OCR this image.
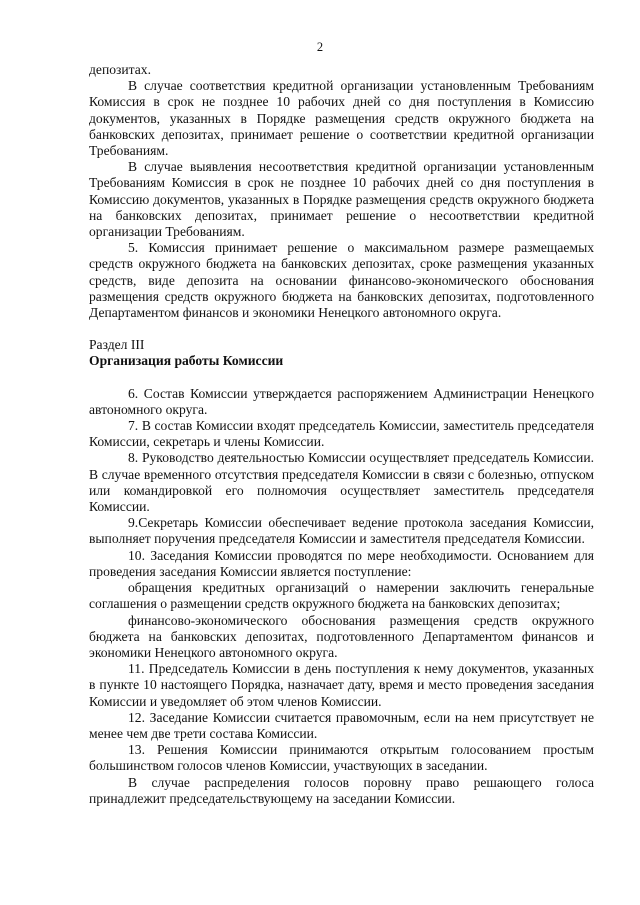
2

депозитах.

В случае соответствия кредитной организации установленным Требованиям Комиссия в срок не позднее 10 рабочих дней со дня поступления в Комиссию документов, указанных в Порядке размещения средств окружного бюджета на банковских депозитах, принимает решение о соответствии кредитной организации Требованиям.

В случае выявления несоответствия кредитной организации установленным Требованиям Комиссия в срок не позднее 10 рабочих дней со дня поступления в Комиссию документов, указанных в Порядке размещения средств окружного бюджета на банковских депозитах, принимает решение о несоответствии кредитной организации Требованиям.

5. Комиссия принимает решение о максимальном размере размещаемых средств окружного бюджета на банковских депозитах, сроке размещения указанных средств, виде депозита на основании финансово-экономического обоснования размещения средств окружного бюджета на банковских депозитах, подготовленного Департаментом финансов и экономики Ненецкого автономного округа.

Раздел III

Организация работы Комиссии

6. Состав Комиссии утверждается распоряжением Администрации Ненецкого автономного округа.

7. В состав Комиссии входят председатель Комиссии, заместитель председателя Комиссии, секретарь и члены Комиссии.

8. Руководство деятельностью Комиссии осуществляет председатель Комиссии. В случае временного отсутствия председателя Комиссии в связи с болезнью, отпуском или командировкой его полномочия осуществляет заместитель председателя Комиссии.

9.Секретарь Комиссии обеспечивает ведение протокола заседания Комиссии, выполняет поручения председателя Комиссии и заместителя председателя Комиссии.

10. Заседания Комиссии проводятся по мере необходимости. Основанием для проведения заседания Комиссии является поступление:

обращения кредитных организаций о намерении заключить генеральные соглашения о размещении средств окружного бюджета на банковских депозитах;

финансово-экономического обоснования размещения средств окружного бюджета на банковских депозитах, подготовленного Департаментом финансов и экономики Ненецкого автономного округа.

11. Председатель Комиссии в день поступления к нему документов, указанных в пункте 10 настоящего Порядка, назначает дату, время и место проведения заседания Комиссии и уведомляет об этом членов Комиссии.

12. Заседание Комиссии считается правомочным, если на нем присутствует не менее чем две трети состава Комиссии.

13. Решения Комиссии принимаются открытым голосованием простым большинством голосов членов Комиссии, участвующих в заседании.

В случае распределения голосов поровну право решающего голоса принадлежит председательствующему на заседании Комиссии.
